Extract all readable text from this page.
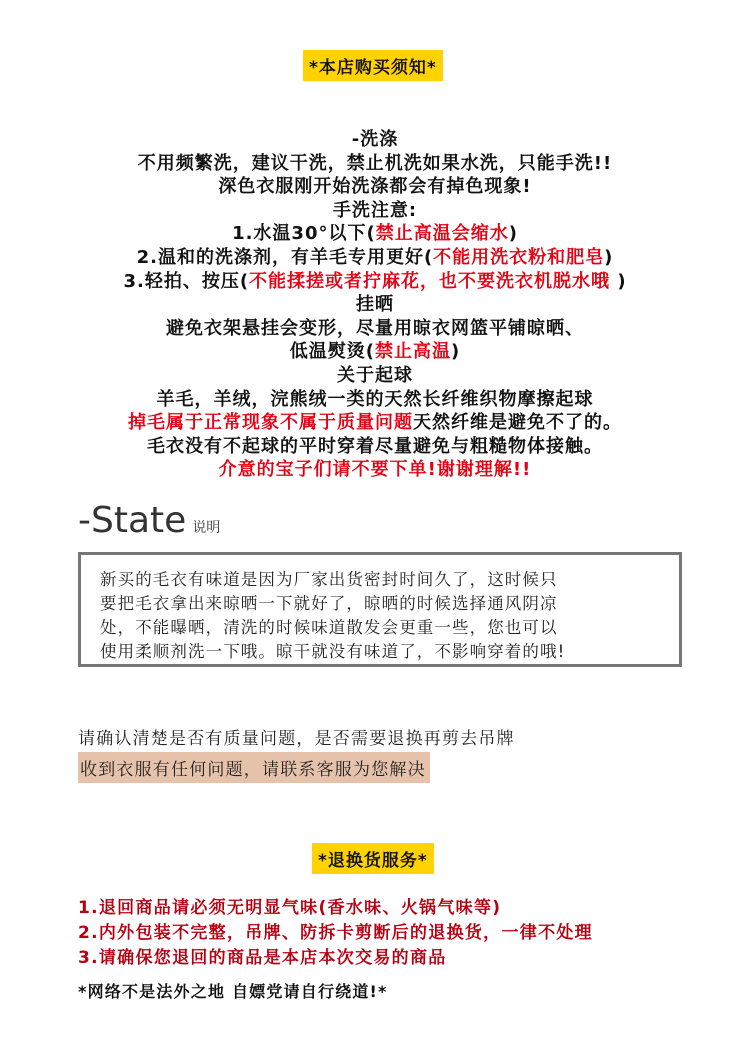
*本店购买须知*
-洗涤
不用频繁洗，建议干洗，禁止机洗如果水洗，只能手洗!!
深色衣服刚开始洗涤都会有掉色现象!
手洗注意:
1.水温30°以下(禁止高温会缩水)
2.温和的洗涤剂，有羊毛专用更好(不能用洗衣粉和肥皂)
3.轻拍、按压(不能揉搓或者拧麻花，也不要洗衣机脱水哦 )
挂晒
避免衣架悬挂会变形，尽量用晾衣网篮平铺晾晒、
低温熨烫(禁止高温)
关于起球
羊毛，羊绒，浣熊绒一类的天然长纤维织物摩擦起球
掉毛属于正常现象不属于质量问题天然纤维是避免不了的。
毛衣没有不起球的平时穿着尽量避免与粗糙物体接触。
介意的宝子们请不要下单!谢谢理解!!
-State 说明
新买的毛衣有味道是因为厂家出货密封时间久了，这时候只
要把毛衣拿出来晾晒一下就好了，晾晒的时候选择通风阴凉
处，不能曝晒，清洗的时候味道散发会更重一些，您也可以
使用柔顺剂洗一下哦。晾干就没有味道了，不影响穿着的哦!
请确认清楚是否有质量问题，是否需要退换再剪去吊牌
收到衣服有任何问题，请联系客服为您解决
*退换货服务*
1.退回商品请必须无明显气味(香水味、火锅气味等)
2.内外包装不完整，吊牌、防拆卡剪断后的退换货，一律不处理
3.请确保您退回的商品是本店本次交易的商品
*网络不是法外之地 自嫖党请自行绕道!*
